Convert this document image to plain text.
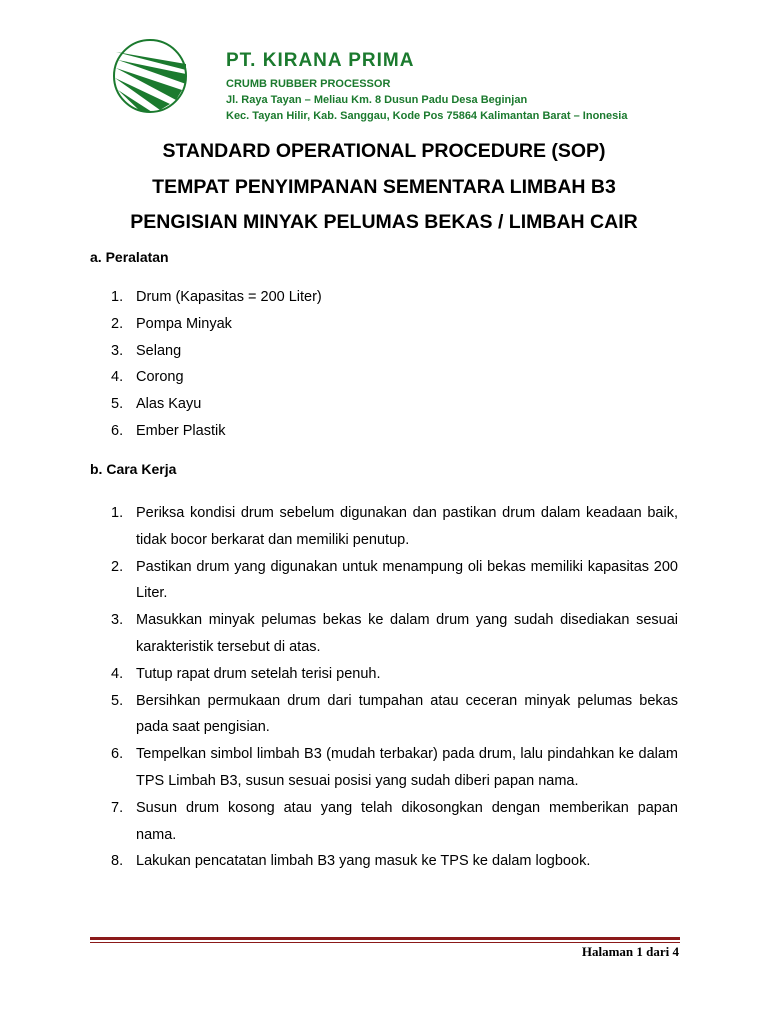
PT. KIRANA PRIMA
CRUMB RUBBER PROCESSOR
Jl. Raya Tayan – Meliau Km. 8 Dusun Padu Desa Beginjan
Kec. Tayan Hilir, Kab. Sanggau, Kode Pos 75864 Kalimantan Barat – Inonesia
STANDARD OPERATIONAL PROCEDURE (SOP)
TEMPAT PENYIMPANAN SEMENTARA LIMBAH B3
PENGISIAN MINYAK PELUMAS BEKAS / LIMBAH CAIR
a. Peralatan
1. Drum (Kapasitas = 200 Liter)
2. Pompa Minyak
3. Selang
4. Corong
5. Alas Kayu
6. Ember Plastik
b. Cara Kerja
1. Periksa kondisi drum sebelum digunakan dan pastikan drum dalam keadaan baik, tidak bocor berkarat dan memiliki penutup.
2. Pastikan drum yang digunakan untuk menampung oli bekas memiliki kapasitas 200 Liter.
3. Masukkan minyak pelumas bekas ke dalam drum yang sudah disediakan sesuai karakteristik tersebut di atas.
4. Tutup rapat drum setelah terisi penuh.
5. Bersihkan permukaan drum dari tumpahan atau ceceran minyak pelumas bekas pada saat pengisian.
6. Tempelkan simbol limbah B3 (mudah terbakar) pada drum, lalu pindahkan ke dalam TPS Limbah B3, susun sesuai posisi yang sudah diberi papan nama.
7. Susun drum kosong atau yang telah dikosongkan dengan memberikan papan nama.
8. Lakukan pencatatan limbah B3 yang masuk ke TPS ke dalam logbook.
Halaman 1 dari 4
